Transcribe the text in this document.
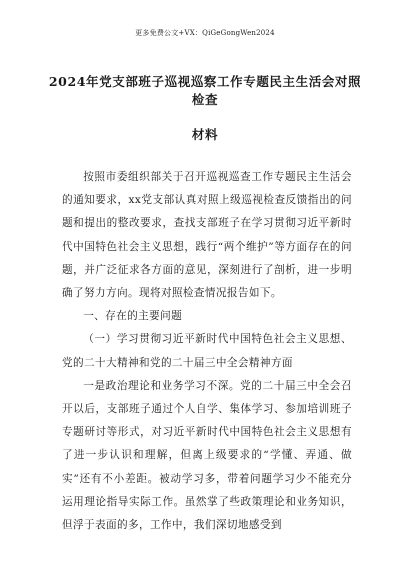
更多免费公文+VX：QiGeGongWen2024
2024年党支部班子巡视巡察工作专题民主生活会对照检查
材料

按照市委组织部关于召开巡视巡查工作专题民主生活会的通知要求，xx党支部认真对照上级巡视检查反馈指出的问题和提出的整改要求，查找支部班子在学习贯彻习近平新时代中国特色社会主义思想，践行“两个维护”等方面存在的问题，并广泛征求各方面的意见，深刻进行了剖析，进一步明确了努力方向。现将对照检查情况报告如下。

一、存在的主要问题

（一）学习贯彻习近平新时代中国特色社会主义思想、党的二十大精神和党的二十届三中全会精神方面

一是政治理论和业务学习不深。党的二十届三中全会召开以后，支部班子通过个人自学、集体学习、参加培训班子专题研讨等形式，对习近平新时代中国特色社会主义思想有了进一步认识和理解，但离上级要求的“学懂、弄通、做实”还有不小差距。被动学习多，带着问题学习少不能充分运用理论指导实际工作。虽然掌了些政策理论和业务知识，但浮于表面的多，工作中，我们深切地感受到
